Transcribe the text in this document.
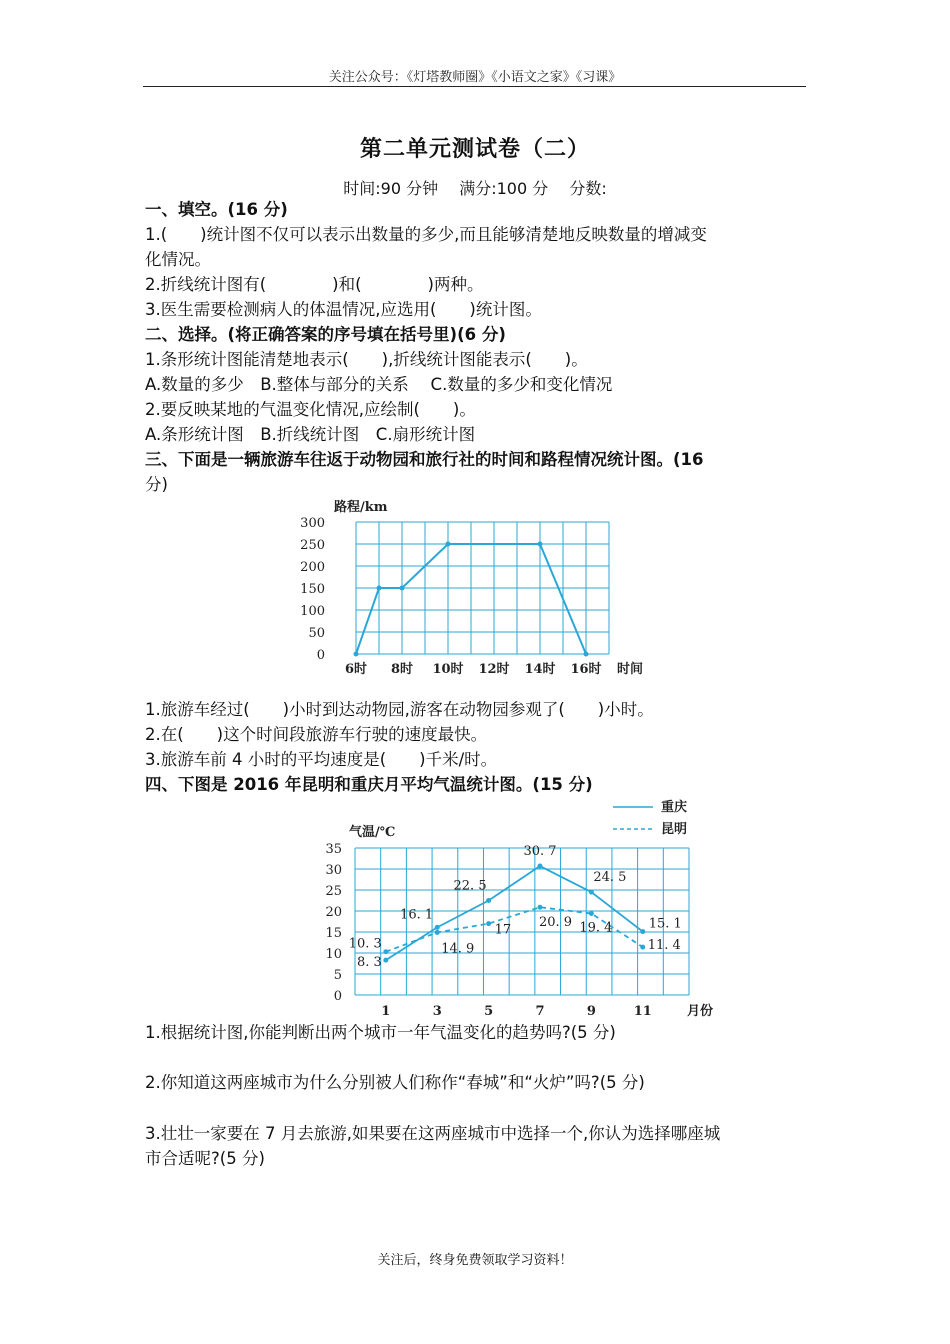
关注公众号：《灯塔教师圈》《小语文之家》《习课》
第二单元测试卷（二）
时间:90 分钟 满分:100 分 分数:
一、填空。(16 分)
1.(　　)统计图不仅可以表示出数量的多少,而且能够清楚地反映数量的增减变
化情况。
2.折线统计图有(　　　　)和(　　　　)两种。
3.医生需要检测病人的体温情况,应选用(　　)统计图。
二、选择。(将正确答案的序号填在括号里)(6 分)
1.条形统计图能清楚地表示(　　),折线统计图能表示(　　)。
A.数量的多少　B.整体与部分的关系　 C.数量的多少和变化情况
2.要反映某地的气温变化情况,应绘制(　　)。
A.条形统计图　B.折线统计图　C.扇形统计图
三、下面是一辆旅游车往返于动物园和旅行社的时间和路程情况统计图。(16
分)
路程/km
0
50
100
150
200
250
300
6时 8时 10时 12时 14时 16时 时间
1.旅游车经过(　　)小时到达动物园,游客在动物园参观了(　　)小时。
2.在(　　)这个时间段旅游车行驶的速度最快。
3.旅游车前 4 小时的平均速度是(　　)千米/时。
四、下图是 2016 年昆明和重庆月平均气温统计图。(15 分)
气温/℃
0
5
10
15
20
25
30
35
1	3	5	7	9	11	月份
重庆
昆明
8. 3
16. 1
22. 5
30. 7
24. 5
15. 1
10. 3	14. 9
17 20. 9 19. 4
11. 4
1.根据统计图,你能判断出两个城市一年气温变化的趋势吗?(5 分)
2.你知道这两座城市为什么分别被人们称作“春城”和“火炉”吗?(5 分)
3.壮壮一家要在 7 月去旅游,如果要在这两座城市中选择一个,你认为选择哪座城
市合适呢?(5 分)
关注后，终身免费领取学习资料！
